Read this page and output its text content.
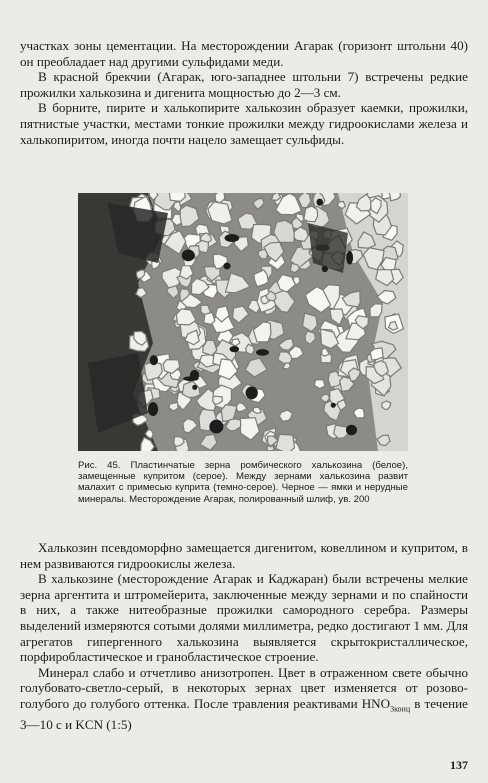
участках зоны цементации. На месторождении Агарак (горизонт штольни 40) он преобладает над другими сульфидами меди.

В красной брекчии (Агарак, юго-западнее штольни 7) встречены редкие прожилки халькозина и дигенита мощностью до 2—3 см.

В борните, пирите и халькопирите халькозин образует каемки, прожилки, пятнистые участки, местами тонкие прожилки между гидроокислами железа и халькопиритом, иногда почти нацело замещает сульфиды.

Рис. 45. Пластинчатые зерна ромбического халькозина (белое), замещенные купритом (серое). Между зернами халькозина развит малахит с примесью куприта (темно-серое). Черное — ямки и нерудные минералы. Месторождение Агарак, полированный шлиф, ув. 200

Халькозин псевдоморфно замещается дигенитом, ковеллином и купритом, в нем развиваются гидроокислы железа.

В халькозине (месторождение Агарак и Каджаран) были встречены мелкие зерна аргентита и штромейерита, заключенные между зернами и по спайности в них, а также нитеобразные прожилки самородного серебра. Размеры выделений измеряются сотыми долями миллиметра, редко достигают 1 мм. Для агрегатов гипергенного халькозина выявляется скрытокристаллическое, порфиробластическое и гранобластическое строение.

Минерал слабо и отчетливо анизотропен. Цвет в отраженном свете обычно голубовато-светло-серый, в некоторых зернах цвет изменяется от розово-голубого до голубого оттенка. После травления реактивами $HNO_{3конц}$ в течение 3—10 с и KCN (1:5)

137
